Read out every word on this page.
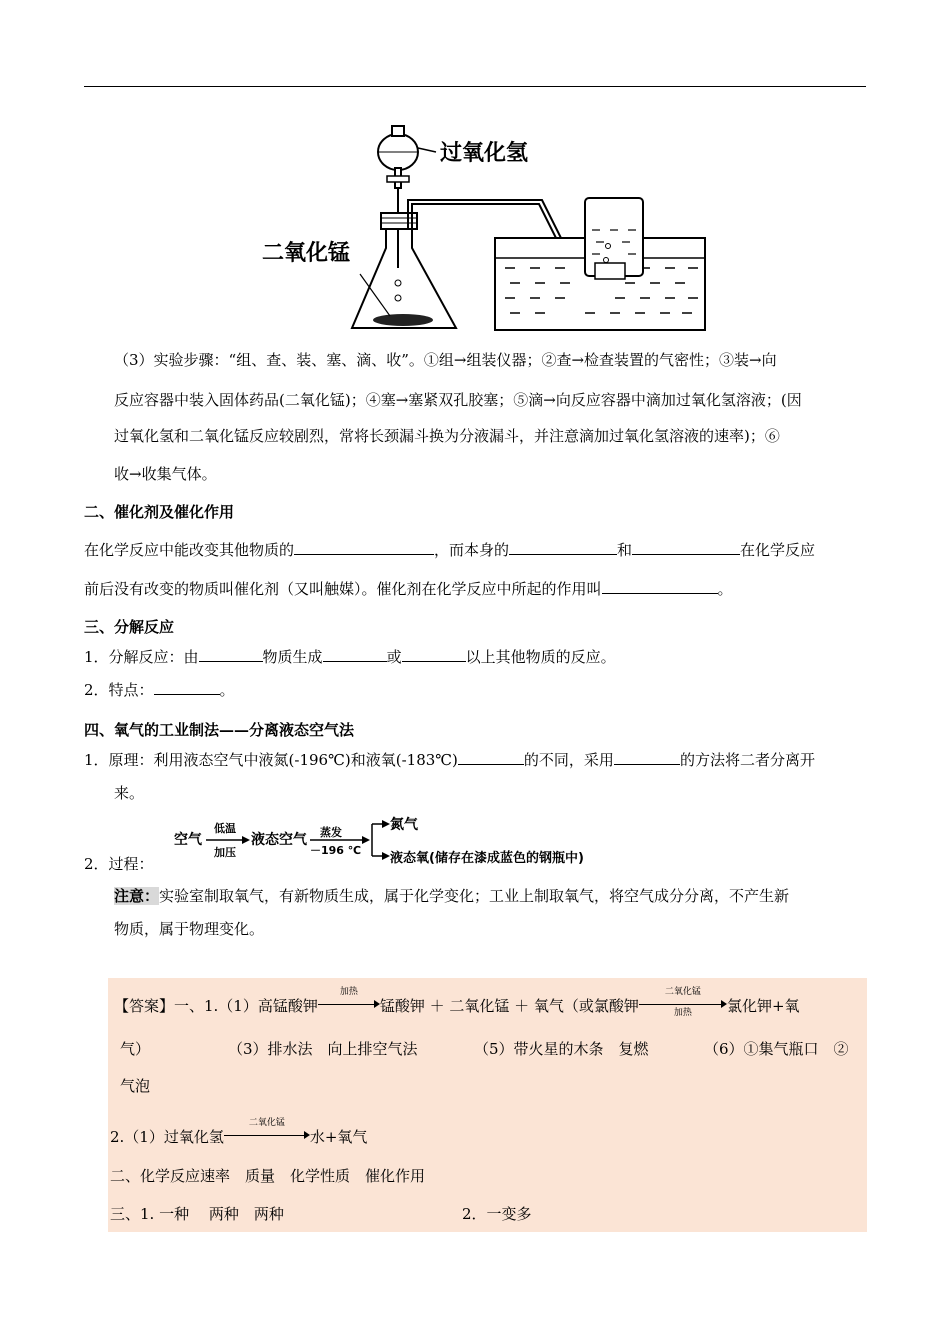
过氧化氢
二氧化锰
（3）实验步骤：“组、查、装、塞、滴、收”。①组→组装仪器；②查→检查装置的气密性；③装→向
反应容器中装入固体药品(二氧化锰)；④塞→塞紧双孔胶塞；⑤滴→向反应容器中滴加过氧化氢溶液；(因
过氧化氢和二氧化锰反应较剧烈，常将长颈漏斗换为分液漏斗，并注意滴加过氧化氢溶液的速率)；⑥
收→收集气体。
二、催化剂及催化作用
在化学反应中能改变其他物质的	，而本身的	和	在化学反应
前后没有改变的物质叫催化剂（又叫触媒）。催化剂在化学反应中所起的作用叫	。
三、分解反应
1．分解反应：由	物质生成	或	以上其他物质的反应。
2．特点：	。
四、氧气的工业制法——分离液态空气法
1．原理：利用液态空气中液氮(-196℃)和液氧(-183℃)	的不同，采用	的方法将二者分离开
来。
2．过程：
空气
低温
加压
液态空气 蒸发
－196 ℃
氮气
液态氧(储存在漆成蓝色的钢瓶中)
注意：实验室制取氧气，有新物质生成，属于化学变化；工业上制取氧气，将空气成分分离，不产生新
物质，属于物理变化。
【答案】一、1.（1）高锰酸钾
加热
锰酸钾 ＋ 二氧化锰 ＋ 氧气（或氯酸钾
二氧化锰
加热	氯化钾+氧
气）	（3）排水法　向上排空气法	（5）带火星的木条　复燃	（6）①集气瓶口　②
气泡
2.（1）过氧化氢
二氧化锰
水+氧气
二、化学反应速率　质量　化学性质　催化作用
三、1. 一种　 两种　两种	2．一变多
